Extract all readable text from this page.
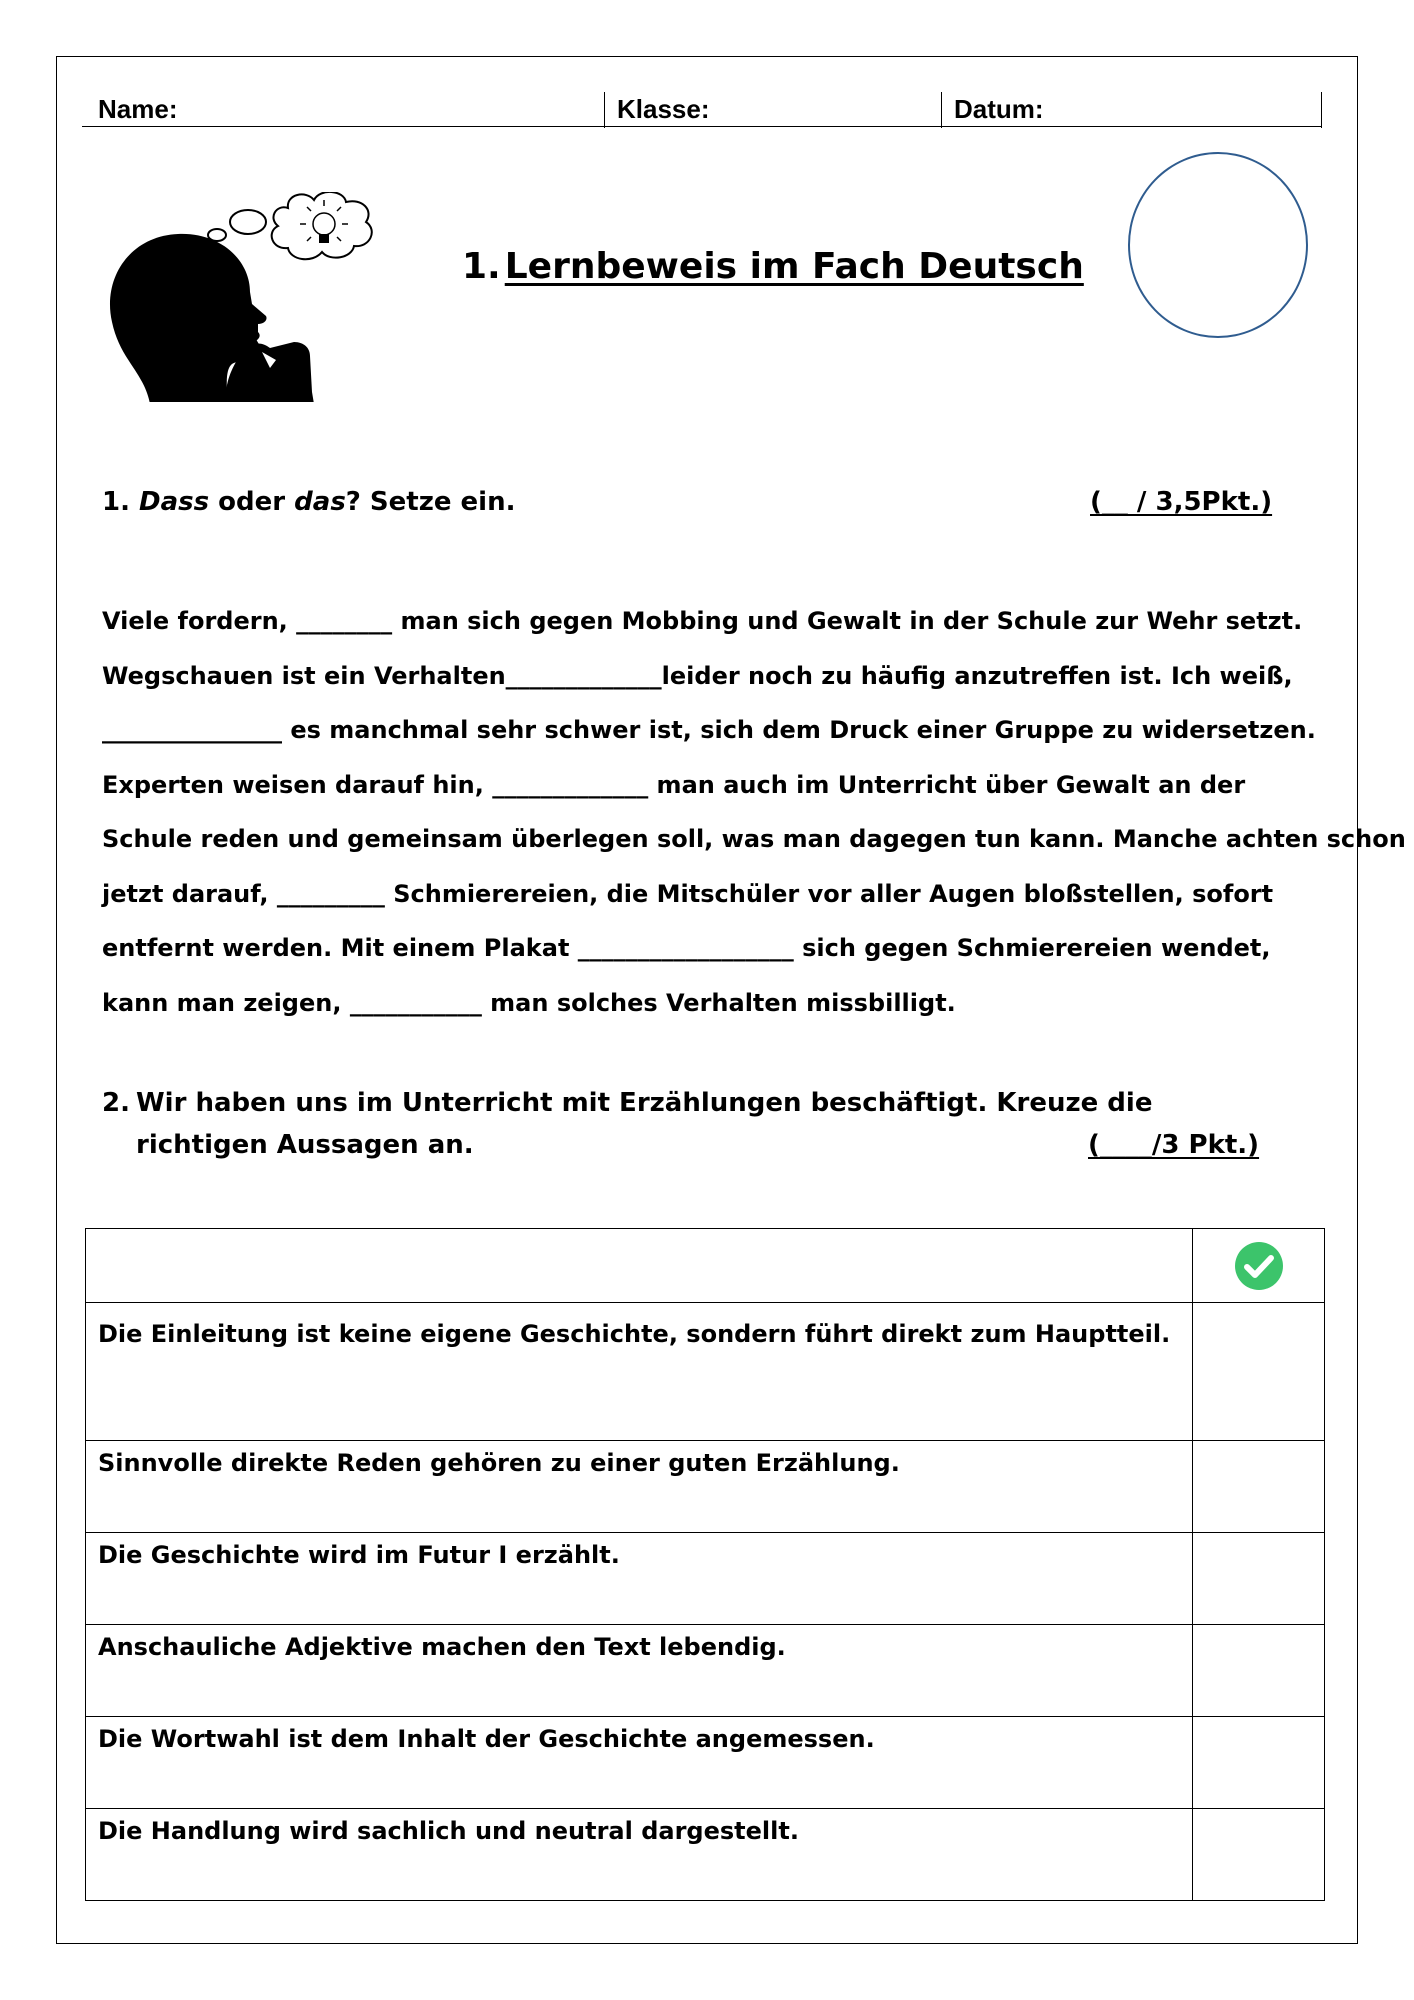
Name:	Klasse:	Datum:
1. Lernbeweis im Fach Deutsch
1. Dass oder das? Setze ein.	(__ / 3,5Pkt.)

Viele fordern, ________ man sich gegen Mobbing und Gewalt in der Schule zur Wehr setzt.

Wegschauen ist ein Verhalten_____________leider noch zu häufig anzutreffen ist. Ich weiß,

_______________ es manchmal sehr schwer ist, sich dem Druck einer Gruppe zu widersetzen.

Experten weisen darauf hin, _____________ man auch im Unterricht über Gewalt an der

Schule reden und gemeinsam überlegen soll, was man dagegen tun kann. Manche achten schon

jetzt darauf, _________ Schmierereien, die Mitschüler vor aller Augen bloßstellen, sofort

entfernt werden. Mit einem Plakat __________________ sich gegen Schmierereien wendet,

kann man zeigen, ___________ man solches Verhalten missbilligt.

2. Wir haben uns im Unterricht mit Erzählungen beschäftigt. Kreuze die richtigen Aussagen an.	(____/3 Pkt.)

Die Einleitung ist keine eigene Geschichte, sondern führt direkt zum Hauptteil.	
Sinnvolle direkte Reden gehören zu einer guten Erzählung.	
Die Geschichte wird im Futur I erzählt.	
Anschauliche Adjektive machen den Text lebendig.	
Die Wortwahl ist dem Inhalt der Geschichte angemessen.	
Die Handlung wird sachlich und neutral dargestellt.	
